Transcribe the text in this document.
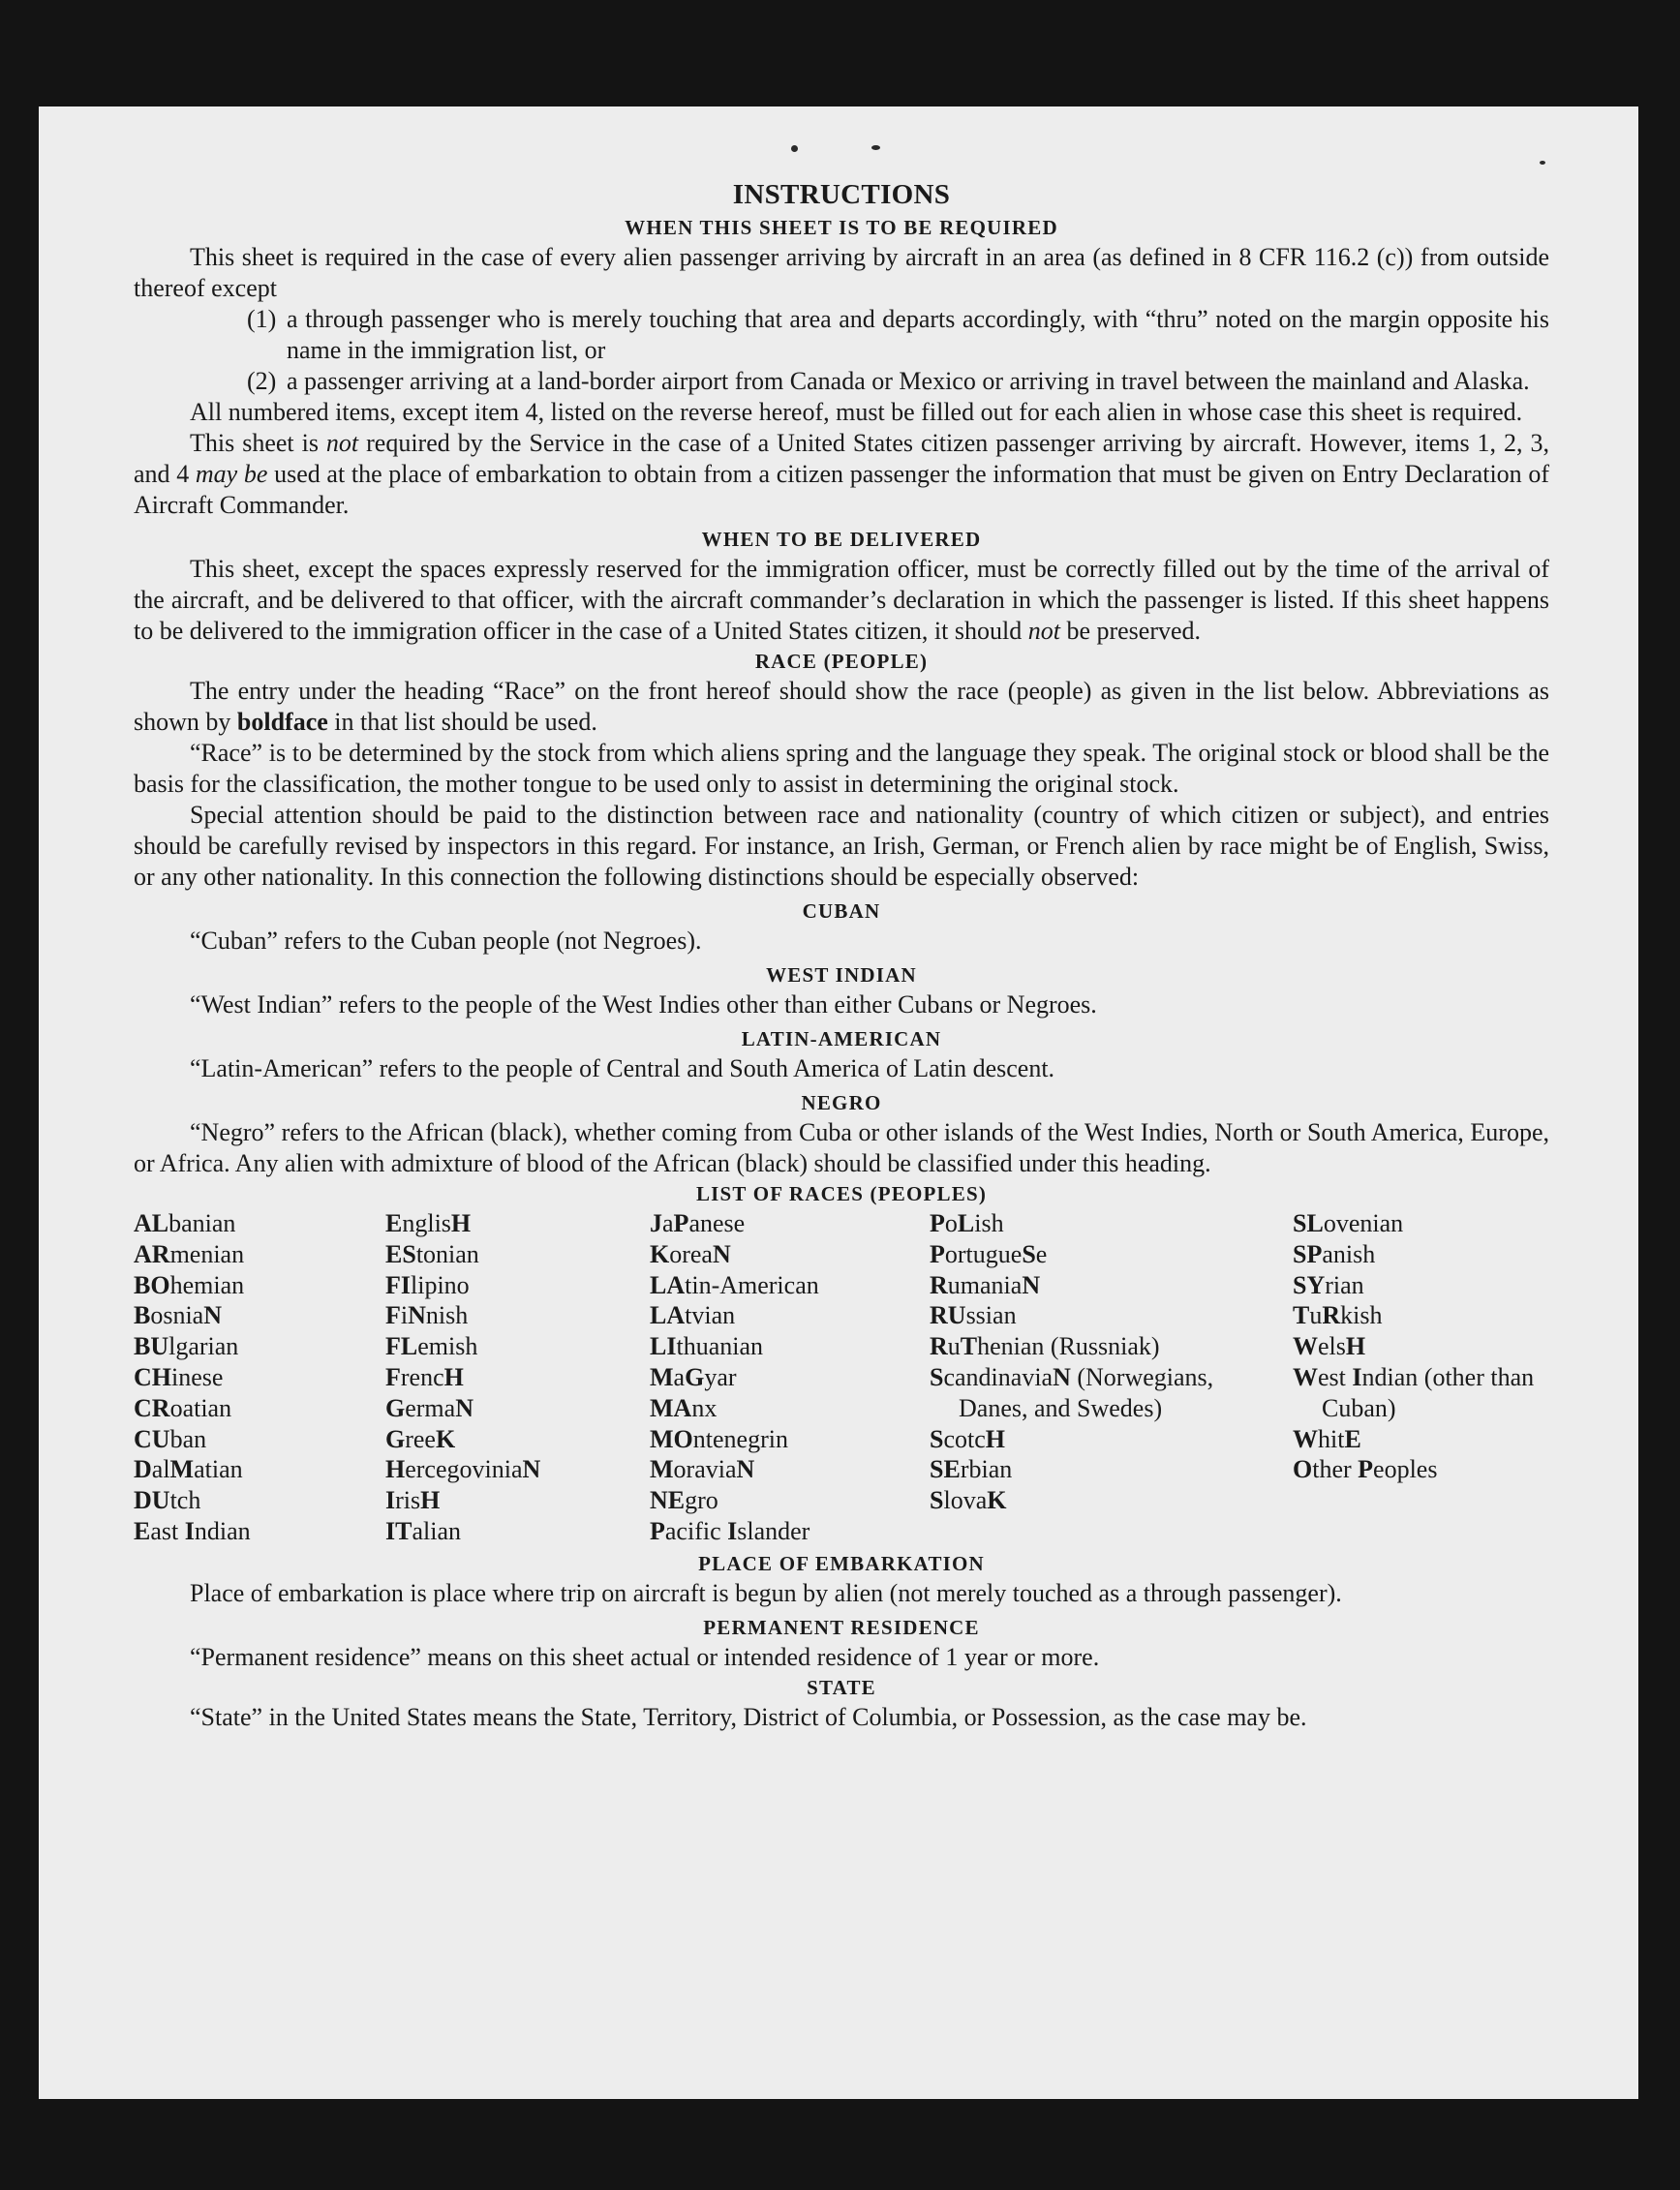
INSTRUCTIONS
WHEN THIS SHEET IS TO BE REQUIRED

This sheet is required in the case of every alien passenger arriving by aircraft in an area (as defined in 8 CFR 116.2 (c)) from outside thereof except

(1) a through passenger who is merely touching that area and departs accordingly, with “thru” noted on the margin opposite his name in the immigration list, or
(2) a passenger arriving at a land-border airport from Canada or Mexico or arriving in travel between the mainland and Alaska.

All numbered items, except item 4, listed on the reverse hereof, must be filled out for each alien in whose case this sheet is required.

This sheet is not required by the Service in the case of a United States citizen passenger arriving by aircraft. However, items 1, 2, 3, and 4 may be used at the place of embarkation to obtain from a citizen passenger the information that must be given on Entry Declaration of Aircraft Commander.

WHEN TO BE DELIVERED

This sheet, except the spaces expressly reserved for the immigration officer, must be correctly filled out by the time of the arrival of the aircraft, and be delivered to that officer, with the aircraft commander’s declaration in which the passenger is listed. If this sheet happens to be delivered to the immigration officer in the case of a United States citizen, it should not be preserved.

RACE (PEOPLE)

The entry under the heading “Race” on the front hereof should show the race (people) as given in the list below. Abbreviations as shown by boldface in that list should be used.

“Race” is to be determined by the stock from which aliens spring and the language they speak. The original stock or blood shall be the basis for the classification, the mother tongue to be used only to assist in determining the original stock.

Special attention should be paid to the distinction between race and nationality (country of which citizen or subject), and entries should be carefully revised by inspectors in this regard. For instance, an Irish, German, or French alien by race might be of English, Swiss, or any other nationality. In this connection the following distinctions should be especially observed:

CUBAN

“Cuban” refers to the Cuban people (not Negroes).

WEST INDIAN

“West Indian” refers to the people of the West Indies other than either Cubans or Negroes.

LATIN-AMERICAN

“Latin-American” refers to the people of Central and South America of Latin descent.

NEGRO

“Negro” refers to the African (black), whether coming from Cuba or other islands of the West Indies, North or South America, Europe, or Africa. Any alien with admixture of blood of the African (black) should be classified under this heading.

LIST OF RACES (PEOPLES)
ALbanian
ARmenian
BOhemian
BosniaN
BUlgarian
CHinese
CRoatian
CUban
DalMatian
DUtch
East Indian
EnglisH
EStonian
FIlipino
FiNnish
FLemish
FrencH
GermaN
GreeK
HercegoviniaN
IrisH
ITalian
JaPanese
KoreaN
LAtin-American
LAtvian
LIthuanian
MaGyar
MAnx
MOntenegrin
MoraviaN
NEgro
Pacific Islander
PoLish
PortugueSe
RumaniaN
RUssian
RuThenian (Russniak)
ScandinaviaN (Norwegians, Danes, and Swedes)
ScotcH
SErbian
SlovaK
SLovenian
SPanish
SYrian
TuRkish
WelsH
West Indian (other than Cuban)
WhitE
Other Peoples
PLACE OF EMBARKATION

Place of embarkation is place where trip on aircraft is begun by alien (not merely touched as a through passenger).

PERMANENT RESIDENCE

“Permanent residence” means on this sheet actual or intended residence of 1 year or more.

STATE

“State” in the United States means the State, Territory, District of Columbia, or Possession, as the case may be.
